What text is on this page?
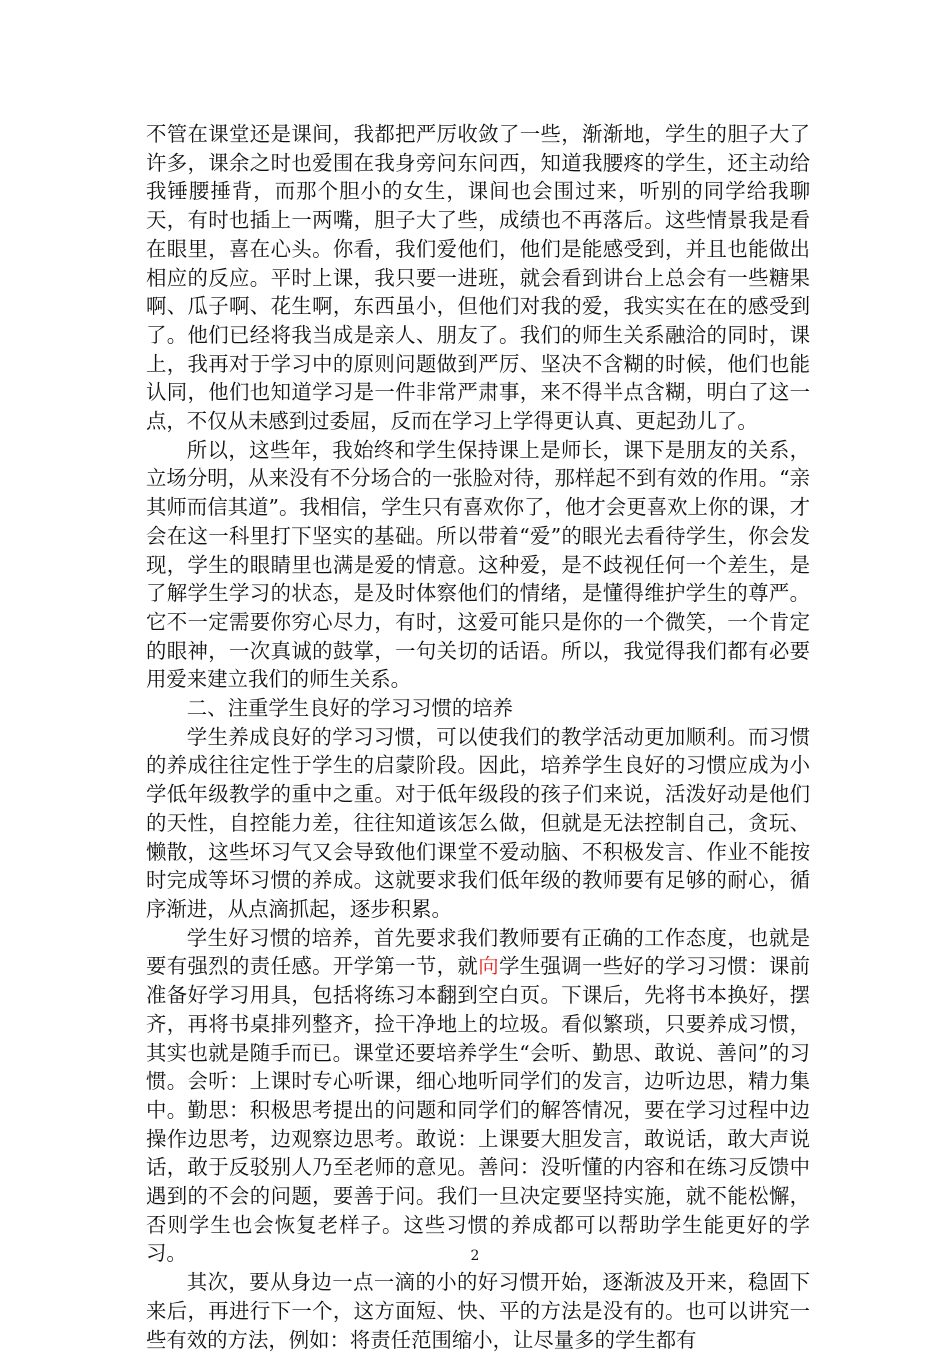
不管在课堂还是课间，我都把严厉收敛了一些，渐渐地，学生的胆子大了许多，课余之时也爱围在我身旁问东问西，知道我腰疼的学生，还主动给我锤腰捶背，而那个胆小的女生，课间也会围过来，听别的同学给我聊天，有时也插上一两嘴，胆子大了些，成绩也不再落后。这些情景我是看在眼里，喜在心头。你看，我们爱他们，他们是能感受到，并且也能做出相应的反应。平时上课，我只要一进班，就会看到讲台上总会有一些糖果啊、瓜子啊、花生啊，东西虽小，但他们对我的爱，我实实在在的感受到了。他们已经将我当成是亲人、朋友了。我们的师生关系融洽的同时，课上，我再对于学习中的原则问题做到严厉、坚决不含糊的时候，他们也能认同，他们也知道学习是一件非常严肃事，来不得半点含糊，明白了这一点，不仅从未感到过委屈，反而在学习上学得更认真、更起劲儿了。

所以，这些年，我始终和学生保持课上是师长，课下是朋友的关系，立场分明，从来没有不分场合的一张脸对待，那样起不到有效的作用。“亲其师而信其道”。我相信，学生只有喜欢你了，他才会更喜欢上你的课，才会在这一科里打下坚实的基础。所以带着“爱”的眼光去看待学生，你会发现，学生的眼睛里也满是爱的情意。这种爱，是不歧视任何一个差生，是了解学生学习的状态，是及时体察他们的情绪，是懂得维护学生的尊严。它不一定需要你穷心尽力，有时，这爱可能只是你的一个微笑，一个肯定的眼神，一次真诚的鼓掌，一句关切的话语。所以，我觉得我们都有必要用爱来建立我们的师生关系。

二、注重学生良好的学习习惯的培养

学生养成良好的学习习惯，可以使我们的教学活动更加顺利。而习惯的养成往往定性于学生的启蒙阶段。因此，培养学生良好的习惯应成为小学低年级教学的重中之重。对于低年级段的孩子们来说，活泼好动是他们的天性，自控能力差，往往知道该怎么做，但就是无法控制自己，贪玩、懒散，这些坏习气又会导致他们课堂不爱动脑、不积极发言、作业不能按时完成等坏习惯的养成。这就要求我们低年级的教师要有足够的耐心，循序渐进，从点滴抓起，逐步积累。

学生好习惯的培养，首先要求我们教师要有正确的工作态度，也就是要有强烈的责任感。开学第一节，就向学生强调一些好的学习习惯：课前准备好学习用具，包括将练习本翻到空白页。下课后，先将书本换好，摆齐，再将书桌排列整齐，捡干净地上的垃圾。看似繁琐，只要养成习惯，其实也就是随手而已。课堂还要培养学生“会听、勤思、敢说、善问”的习惯。会听：上课时专心听课，细心地听同学们的发言，边听边思，精力集中。勤思：积极思考提出的问题和同学们的解答情况，要在学习过程中边操作边思考，边观察边思考。敢说：上课要大胆发言，敢说话，敢大声说话，敢于反驳别人乃至老师的意见。善问：没听懂的内容和在练习反馈中遇到的不会的问题，要善于问。我们一旦决定要坚持实施，就不能松懈，否则学生也会恢复老样子。这些习惯的养成都可以帮助学生能更好的学习。

其次，要从身边一点一滴的小的好习惯开始，逐渐波及开来，稳固下来后，再进行下一个，这方面短、快、平的方法是没有的。也可以讲究一些有效的方法，例如：将责任范围缩小，让尽量多的学生都有

2
